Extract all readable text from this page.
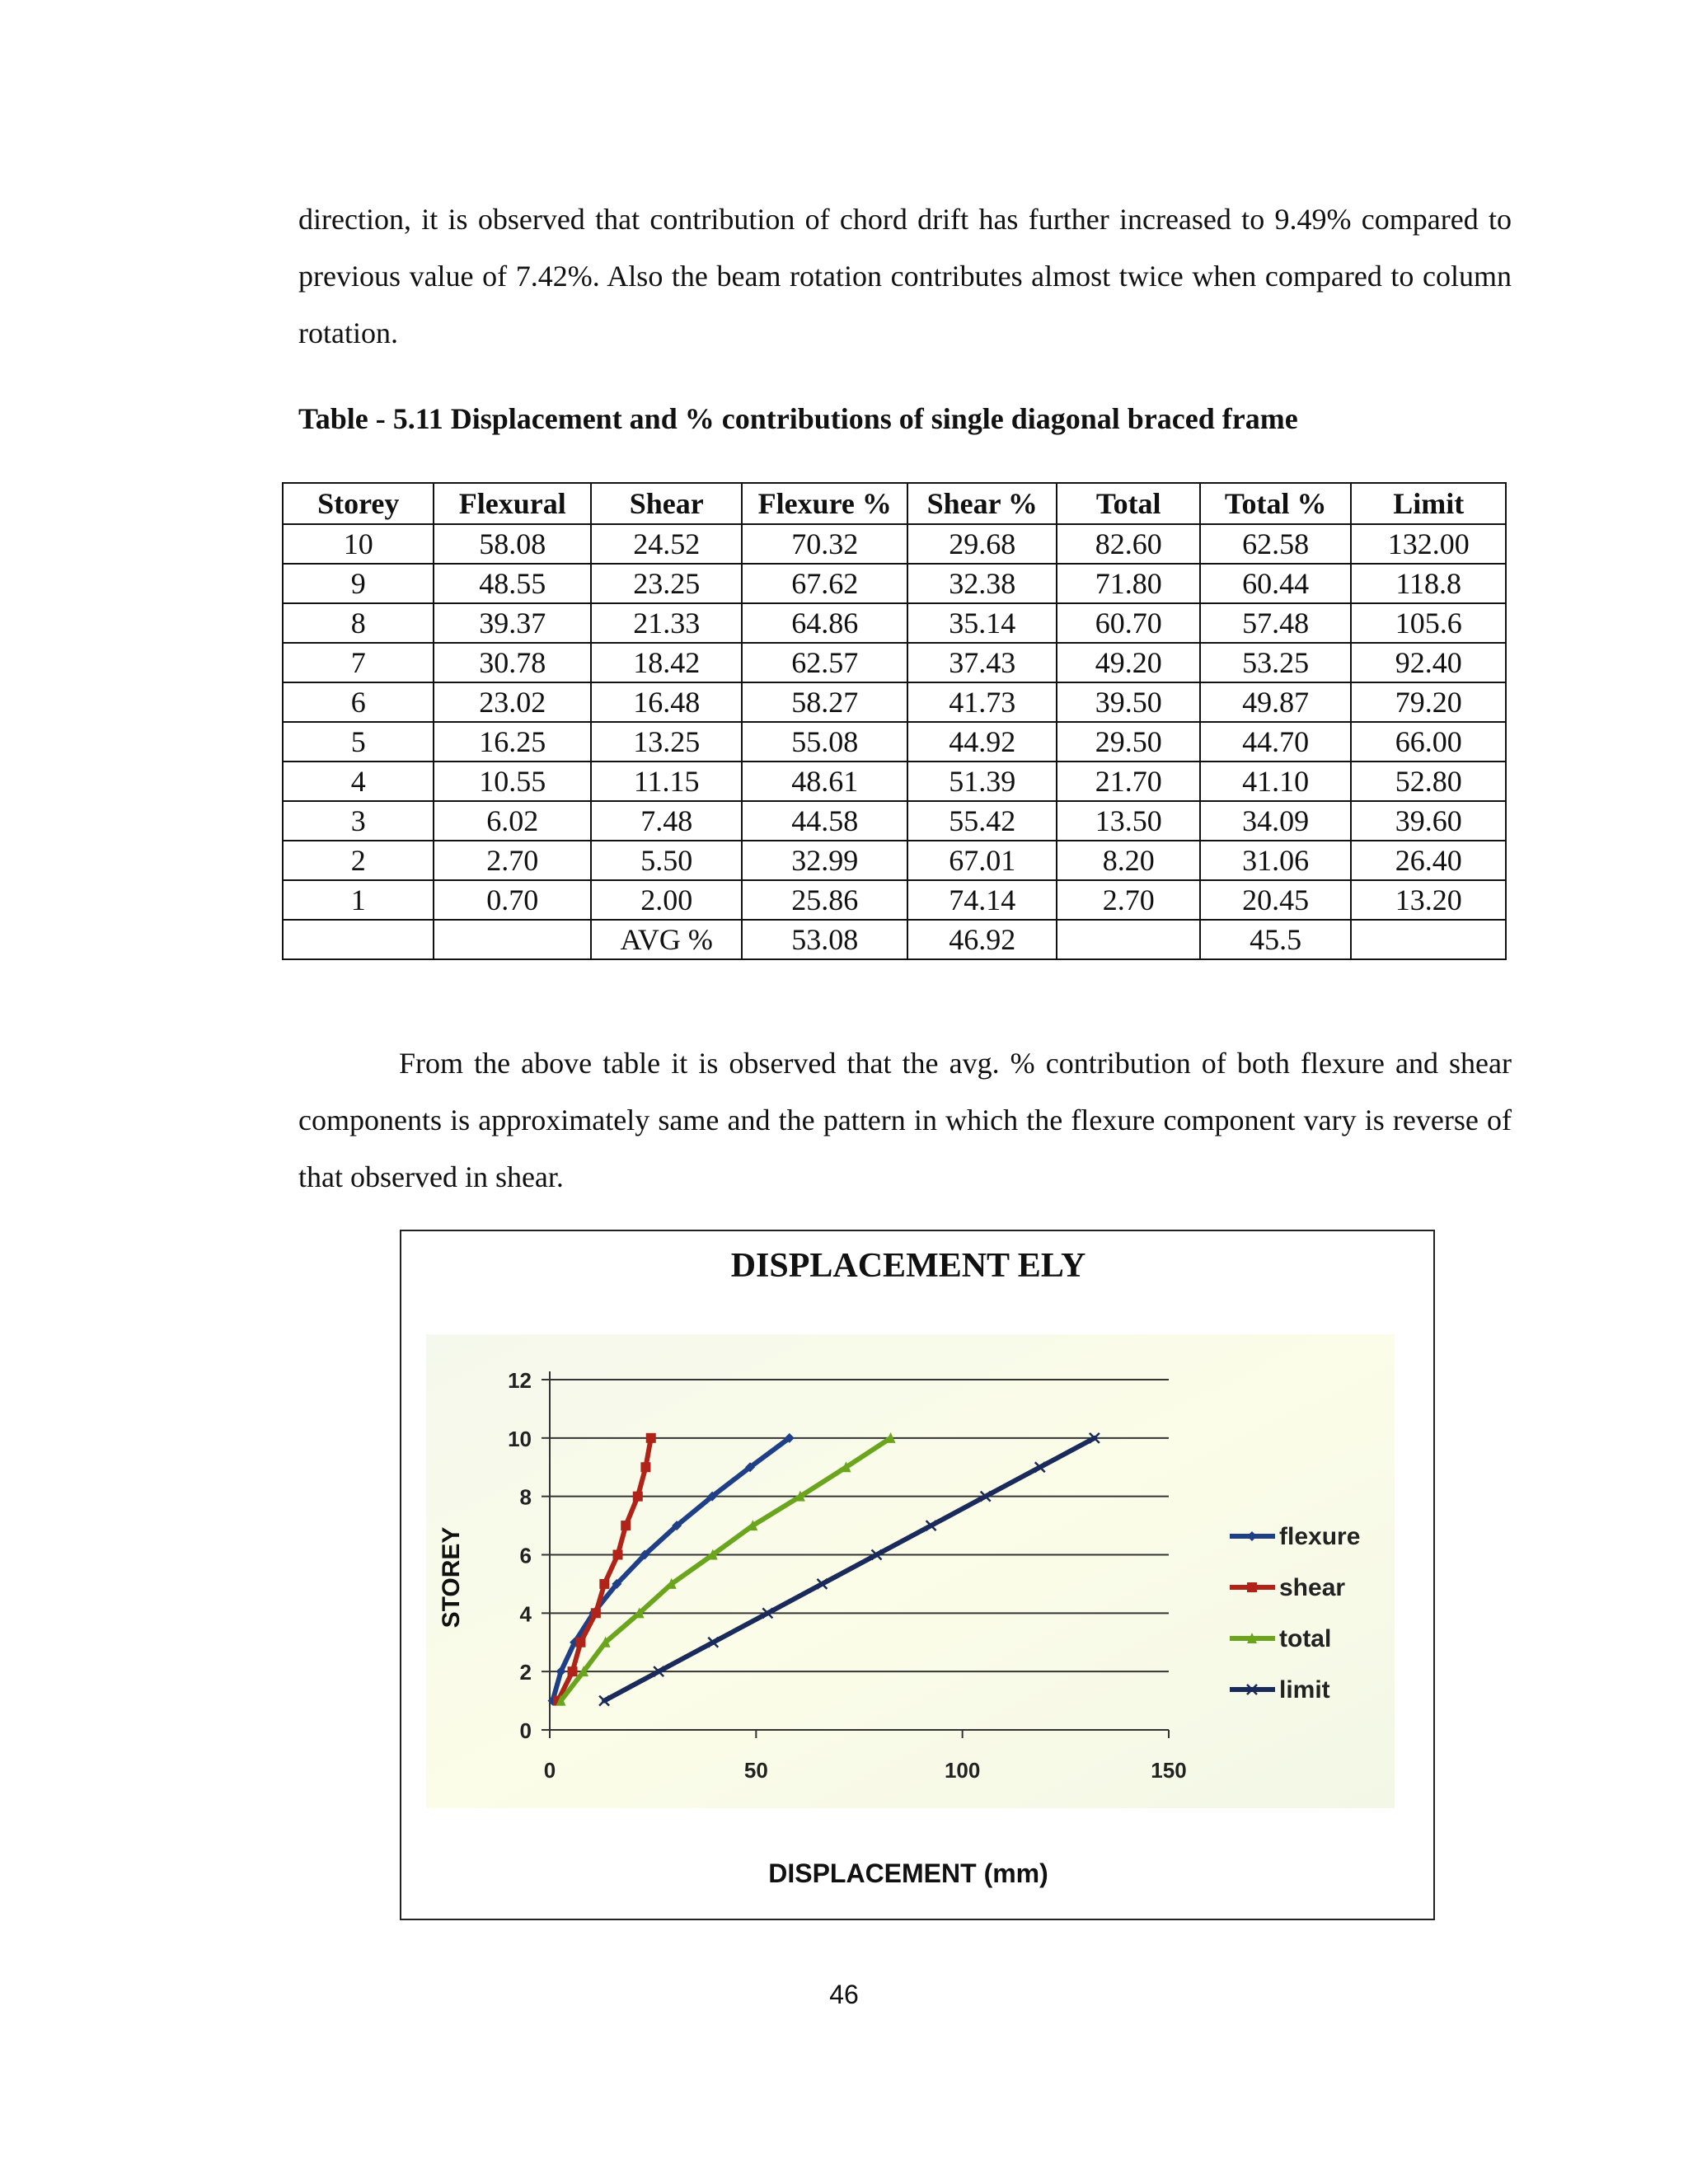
direction, it is observed that contribution of chord drift has further increased to 9.49% compared to previous value of 7.42%. Also the beam rotation contributes almost twice when compared to column rotation.
Table - 5.11 Displacement and % contributions of single diagonal braced frame
Storey	Flexural	Shear	Flexure %	Shear %	Total	Total %	Limit
10	58.08	24.52	70.32	29.68	82.60	62.58	132.00
9	48.55	23.25	67.62	32.38	71.80	60.44	118.8
8	39.37	21.33	64.86	35.14	60.70	57.48	105.6
7	30.78	18.42	62.57	37.43	49.20	53.25	92.40
6	23.02	16.48	58.27	41.73	39.50	49.87	79.20
5	16.25	13.25	55.08	44.92	29.50	44.70	66.00
4	10.55	11.15	48.61	51.39	21.70	41.10	52.80
3	6.02	7.48	44.58	55.42	13.50	34.09	39.60
2	2.70	5.50	32.99	67.01	8.20	31.06	26.40
1	0.70	2.00	25.86	74.14	2.70	20.45	13.20
		AVG %	53.08	46.92		45.5	
From the above table it is observed that the avg. % contribution of both flexure and shear components is approximately same and the pattern in which the flexure component vary is reverse of that observed in shear.
DISPLACEMENT ELY
0
2
4
6
8
10
12
0	50	100	150
flexure
shear
total
limit
STOREY
DISPLACEMENT (mm)
46
